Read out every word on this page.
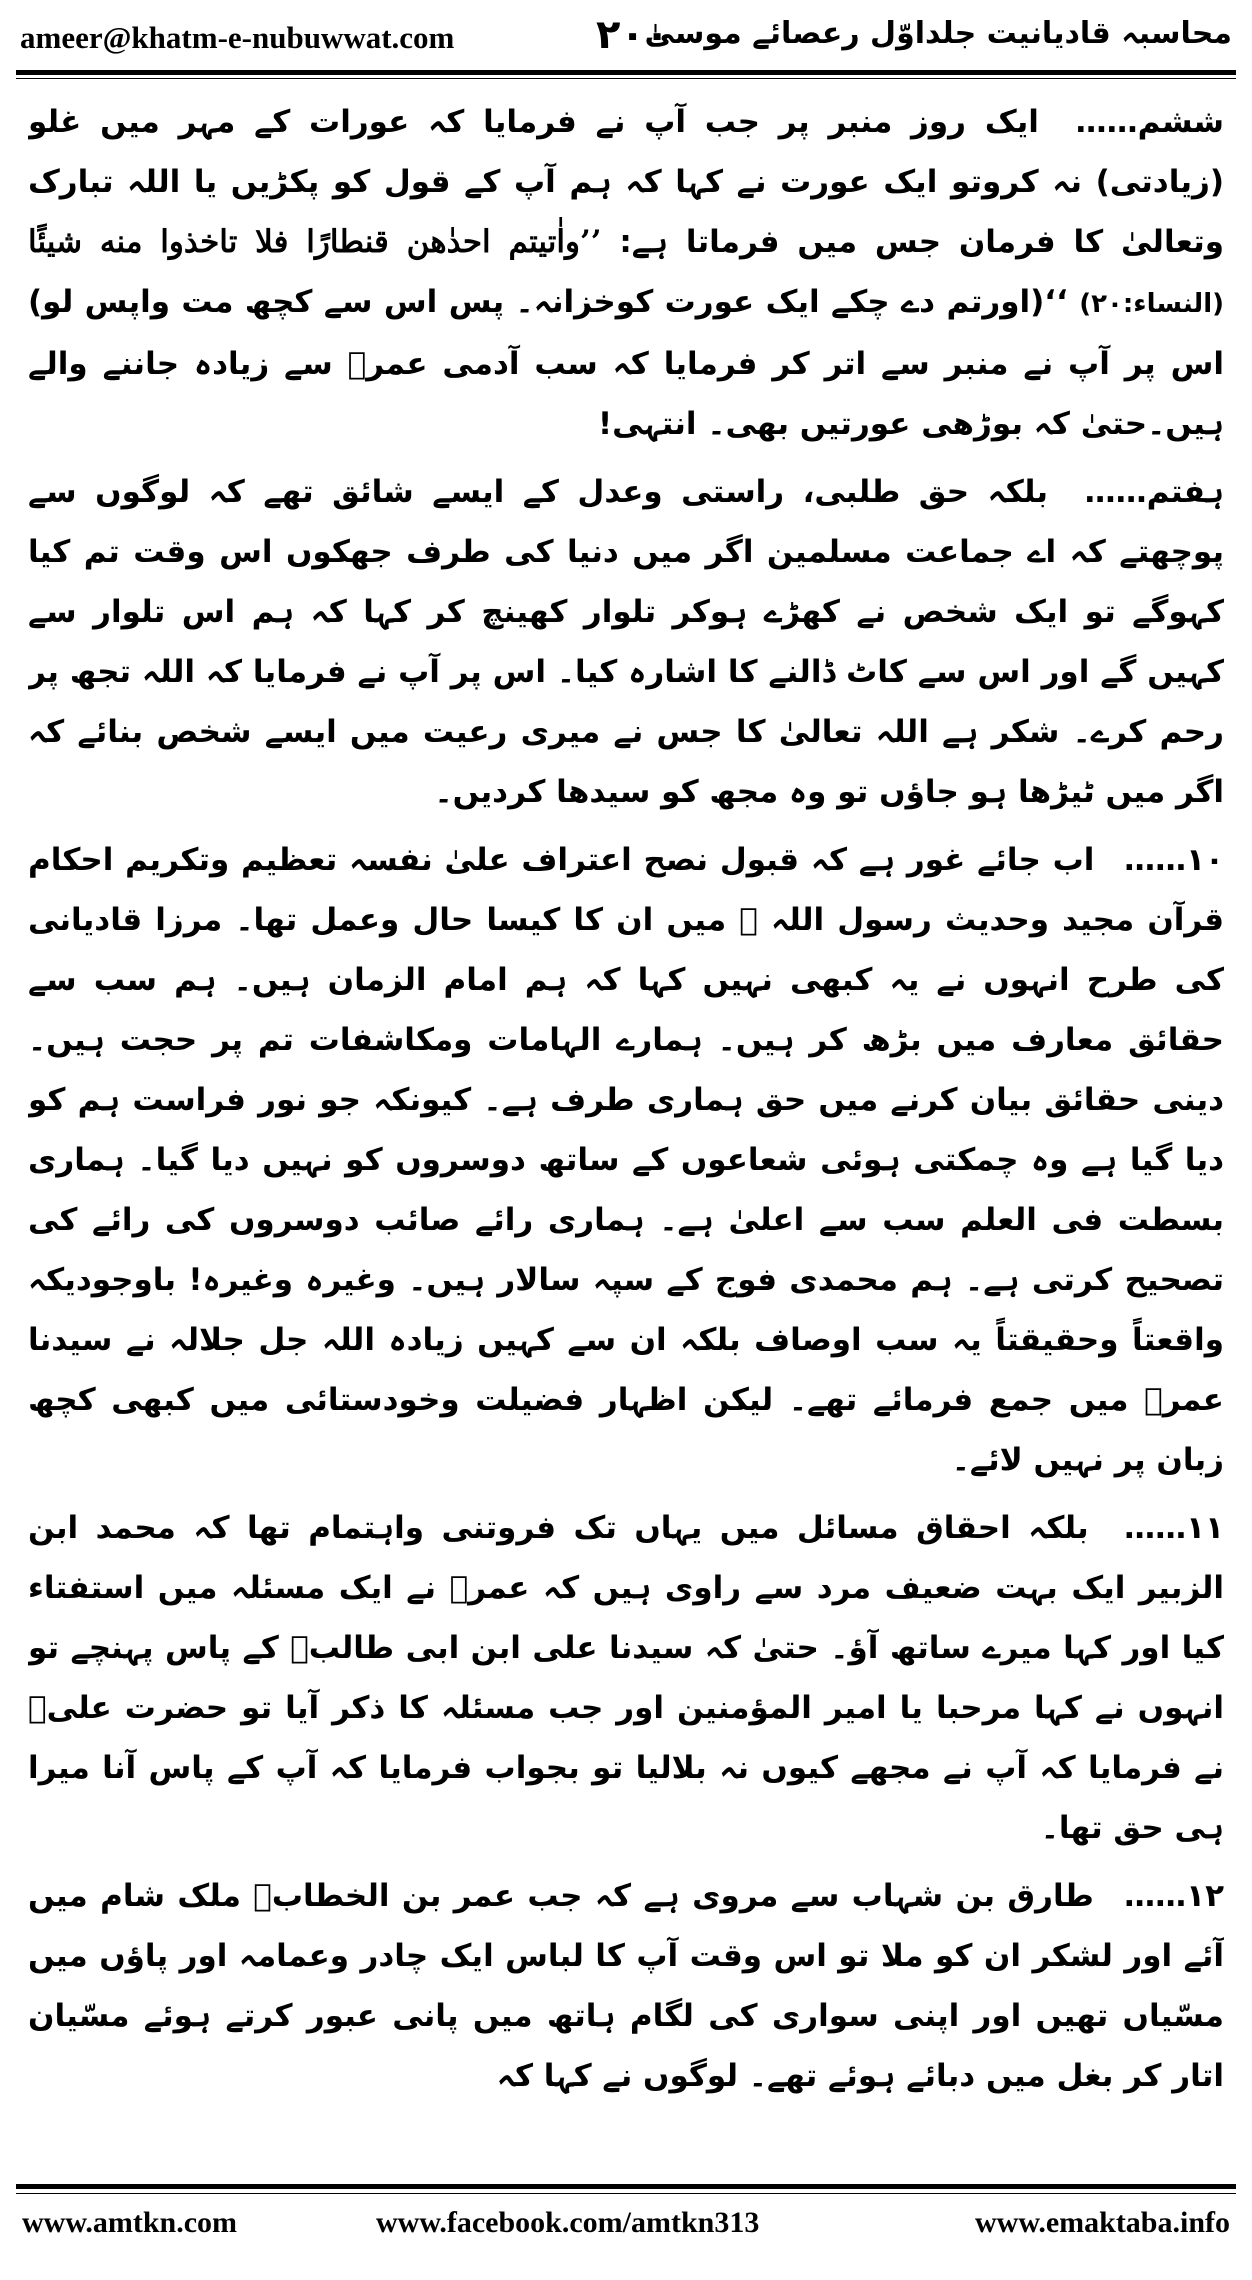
ameer@khatm-e-nubuwwat.com	۲۰۰
محاسبہ قادیانیت جلداوّل رعصائے موسیٰ

ششم…… ایک روز منبر پر جب آپ نے فرمایا کہ عورات کے مہر میں غلو (زیادتی) نہ کروتو ایک عورت نے کہا کہ ہم آپ کے قول کو پکڑیں یا اللہ تبارک وتعالیٰ کا فرمان جس میں فرماتا ہے: ’’واٰتیتم احدٰھن قنطارًا فلا تاخذوا منه شیئًا (النساء:۲۰) ‘‘(اورتم دے چکے ایک عورت کوخزانہ۔ پس اس سے کچھ مت واپس لو) اس پر آپ نے منبر سے اتر کر فرمایا کہ سب آدمی عمرؓ سے زیادہ جاننے والے ہیں۔حتیٰ کہ بوڑھی عورتیں بھی۔ انتہی!

ہفتم…… بلکہ حق طلبی، راستی وعدل کے ایسے شائق تھے کہ لوگوں سے پوچھتے کہ اے جماعت مسلمین اگر میں دنیا کی طرف جھکوں اس وقت تم کیا کہوگے تو ایک شخص نے کھڑے ہوکر تلوار کھینچ کر کہا کہ ہم اس تلوار سے کہیں گے اور اس سے کاٹ ڈالنے کا اشارہ کیا۔ اس پر آپ نے فرمایا کہ اللہ تجھ پر رحم کرے۔ شکر ہے اللہ تعالیٰ کا جس نے میری رعیت میں ایسے شخص بنائے کہ اگر میں ٹیڑھا ہو جاؤں تو وہ مجھ کو سیدھا کردیں۔

۱۰…… اب جائے غور ہے کہ قبول نصح اعتراف علیٰ نفسہ تعظیم وتکریم احکام قرآن مجید وحدیث رسول اللہ ﷺ میں ان کا کیسا حال وعمل تھا۔ مرزا قادیانی کی طرح انہوں نے یہ کبھی نہیں کہا کہ ہم امام الزمان ہیں۔ ہم سب سے حقائق معارف میں بڑھ کر ہیں۔ ہمارے الہامات ومکاشفات تم پر حجت ہیں۔ دینی حقائق بیان کرنے میں حق ہماری طرف ہے۔ کیونکہ جو نور فراست ہم کو دیا گیا ہے وہ چمکتی ہوئی شعاعوں کے ساتھ دوسروں کو نہیں دیا گیا۔ ہماری بسطت فی العلم سب سے اعلیٰ ہے۔ ہماری رائے صائب دوسروں کی رائے کی تصحیح کرتی ہے۔ ہم محمدی فوج کے سپہ سالار ہیں۔ وغیرہ وغیرہ! باوجودیکہ واقعتاً وحقیقتاً یہ سب اوصاف بلکہ ان سے کہیں زیادہ اللہ جل جلالہ نے سیدنا عمرؓ میں جمع فرمائے تھے۔ لیکن اظہار فضیلت وخودستائی میں کبھی کچھ زبان پر نہیں لائے۔

۱۱…… بلکہ احقاق مسائل میں یہاں تک فروتنی واہتمام تھا کہ محمد ابن الزبیر ایک بہت ضعیف مرد سے راوی ہیں کہ عمرؓ نے ایک مسئلہ میں استفتاء کیا اور کہا میرے ساتھ آؤ۔ حتیٰ کہ سیدنا علی ابن ابی طالبؓ کے پاس پہنچے تو انہوں نے کہا مرحبا یا امیر المؤمنین اور جب مسئلہ کا ذکر آیا تو حضرت علیؓ نے فرمایا کہ آپ نے مجھے کیوں نہ بلالیا تو بجواب فرمایا کہ آپ کے پاس آنا میرا ہی حق تھا۔

۱۲…… طارق بن شہاب سے مروی ہے کہ جب عمر بن الخطابؓ ملک شام میں آئے اور لشکر ان کو ملا تو اس وقت آپ کا لباس ایک چادر وعمامہ اور پاؤں میں مسّیاں تھیں اور اپنی سواری کی لگام ہاتھ میں پانی عبور کرتے ہوئے مسّیان اتار کر بغل میں دبائے ہوئے تھے۔ لوگوں نے کہا کہ

www.amtkn.com	www.facebook.com/amtkn313	www.emaktaba.info
